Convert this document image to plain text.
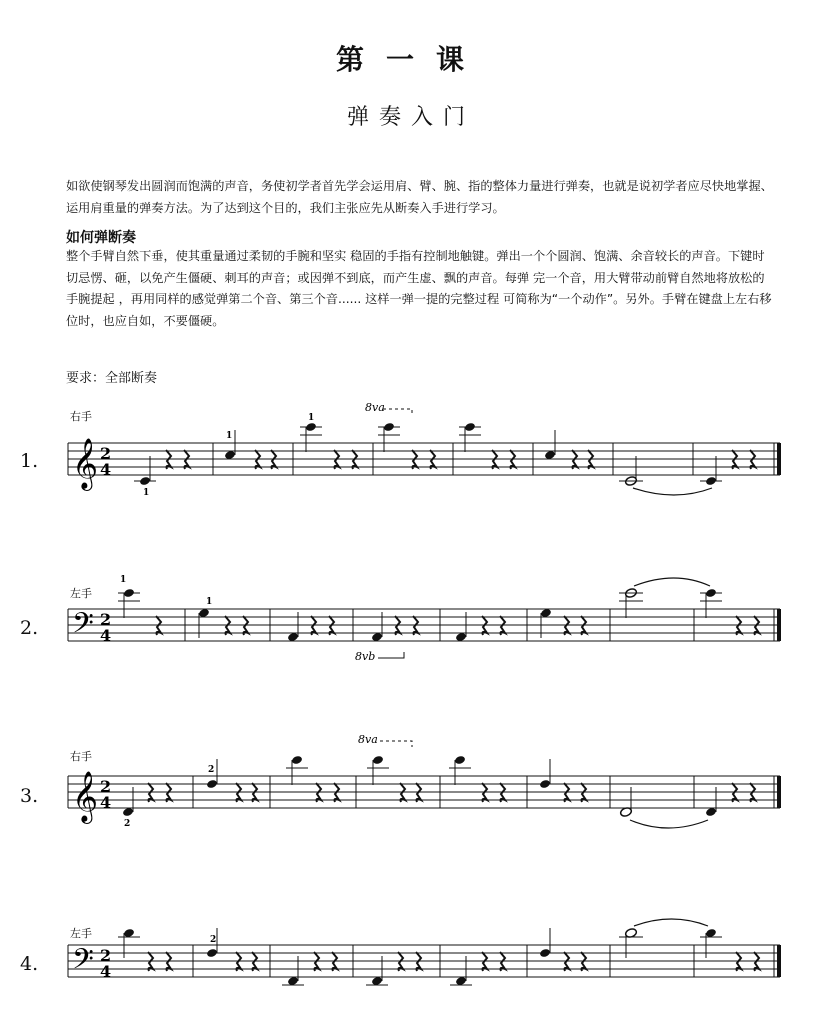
第一课
弹奏入门
如欲使钢琴发出圆润而饱满的声音，务使初学者首先学会运用肩、臂、腕、指的整体力量进行弹奏，也就是说初学者应尽快地掌握、运用肩重量的弹奏方法。为了达到这个目的，我们主张应先从断奏入手进行学习。
如何弹断奏
整个手臂自然下垂，使其重量通过柔韧的手腕和坚实 稳固的手指有控制地触键。弹出一个个圆润、饱满、余音较长的声音。下键时切忌愣、砸，以免产生僵硬、刺耳的声音；或因弹不到底，而产生虚、飘的声音。每弹 完一个音，用大臂带动前臂自然地将放松的手腕提起 ，再用同样的感觉弹第二个音、第三个音...... 这样一弹一提的完整过程 可简称为“一个动作”。另外。手臂在键盘上左右移位时，也应自如，不要僵硬。
要求：全部断奏
右手
1.
左手
2.
右手
3.
左手
4.
𝄞 2
4
1
1
1
8va
𝄢 2
4
1
1
8vb
𝄞 2
4
2
2
8va
𝄢 2
4
2
